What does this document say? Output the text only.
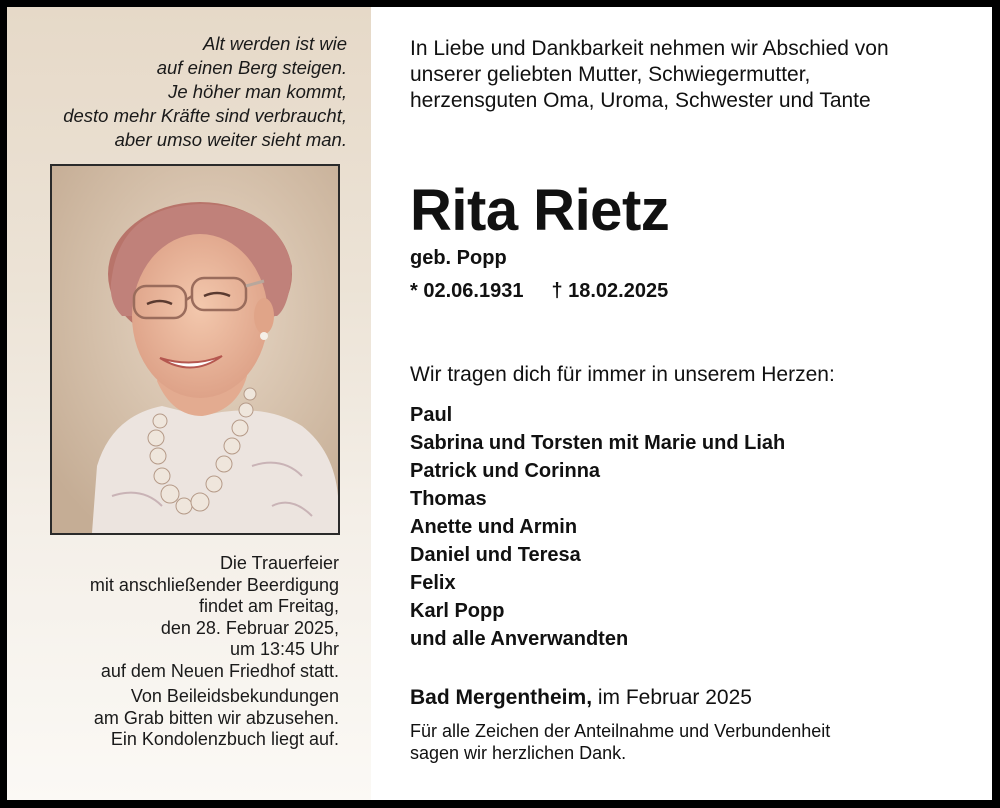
Alt werden ist wie
auf einen Berg steigen.
Je höher man kommt,
desto mehr Kräfte sind verbraucht,
aber umso weiter sieht man.
Die Trauerfeier
mit anschließender Beerdigung
findet am Freitag,
den 28. Februar 2025,
um 13:45 Uhr
auf dem Neuen Friedhof statt.
Von Beileidsbekundungen
am Grab bitten wir abzusehen.
Ein Kondolenzbuch liegt auf.
In Liebe und Dankbarkeit nehmen wir Abschied von
unserer geliebten Mutter, Schwiegermutter,
herzensguten Oma, Uroma, Schwester und Tante
Rita Rietz
geb. Popp
* 02.06.1931 † 18.02.2025
Wir tragen dich für immer in unserem Herzen:
Paul
Sabrina und Torsten mit Marie und Liah
Patrick und Corinna
Thomas
Anette und Armin
Daniel und Teresa
Felix
Karl Popp
und alle Anverwandten
Bad Mergentheim, im Februar 2025
Für alle Zeichen der Anteilnahme und Verbundenheit
sagen wir herzlichen Dank.
